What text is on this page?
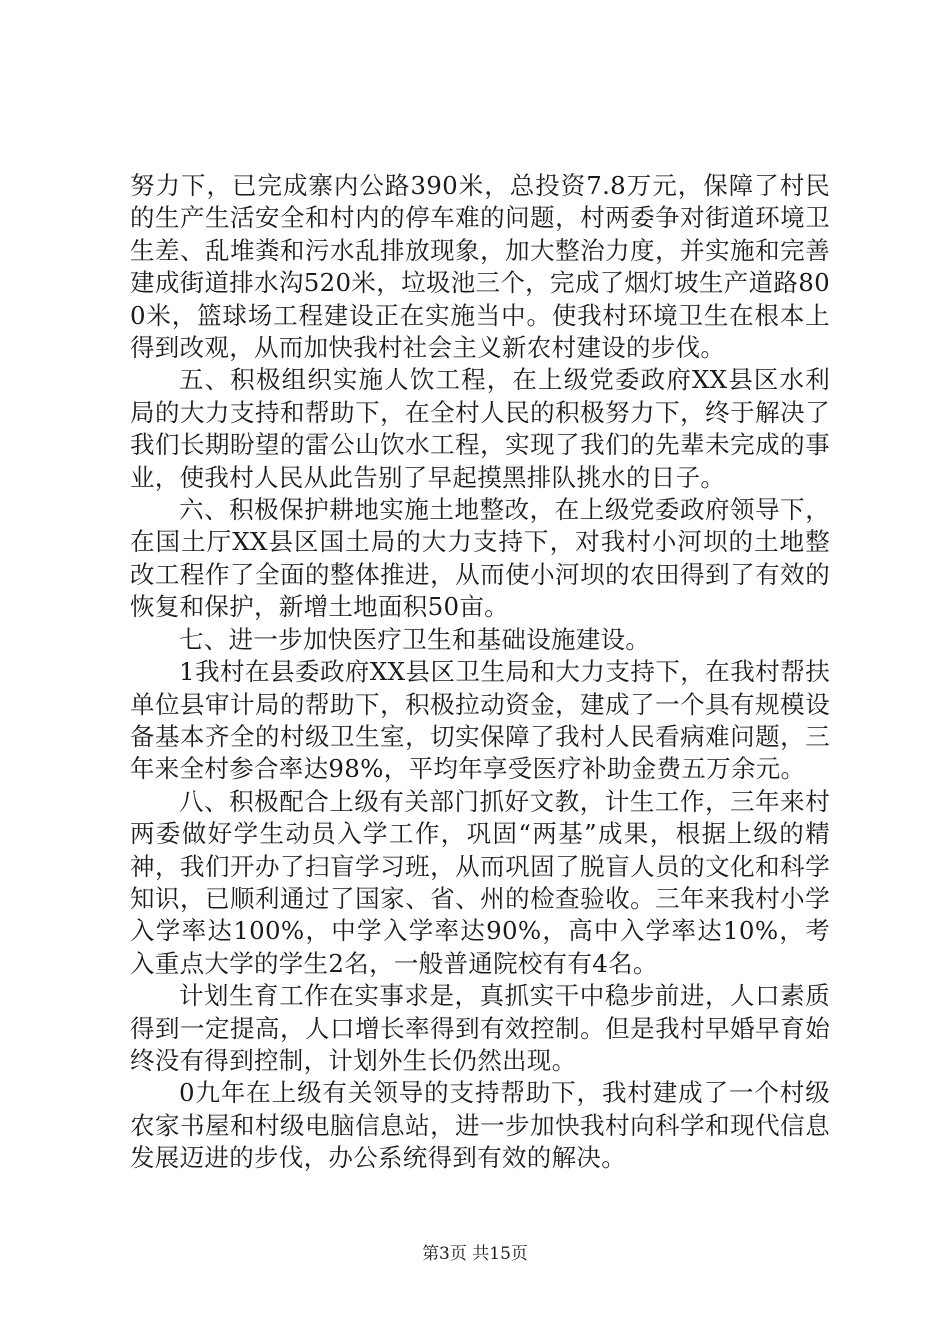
努力下，已完成寨内公路390米，总投资7.8万元，保障了村民的生产生活安全和村内的停车难的问题，村两委争对街道环境卫生差、乱堆粪和污水乱排放现象，加大整治力度，并实施和完善建成街道排水沟520米，垃圾池三个，完成了烟灯坡生产道路800米，篮球场工程建设正在实施当中。使我村环境卫生在根本上得到改观，从而加快我村社会主义新农村建设的步伐。

五、积极组织实施人饮工程，在上级党委政府XX县区水利局的大力支持和帮助下，在全村人民的积极努力下，终于解决了我们长期盼望的雷公山饮水工程，实现了我们的先辈未完成的事业，使我村人民从此告别了早起摸黑排队挑水的日子。

六、积极保护耕地实施土地整改，在上级党委政府领导下，在国土厅XX县区国土局的大力支持下，对我村小河坝的土地整改工程作了全面的整体推进，从而使小河坝的农田得到了有效的恢复和保护，新增土地面积50亩。

七、进一步加快医疗卫生和基础设施建设。

1我村在县委政府XX县区卫生局和大力支持下，在我村帮扶单位县审计局的帮助下，积极拉动资金，建成了一个具有规模设备基本齐全的村级卫生室，切实保障了我村人民看病难问题，三年来全村参合率达98%，平均年享受医疗补助金费五万余元。

八、积极配合上级有关部门抓好文教，计生工作，三年来村两委做好学生动员入学工作，巩固“两基”成果，根据上级的精神，我们开办了扫盲学习班，从而巩固了脱盲人员的文化和科学知识，已顺利通过了国家、省、州的检查验收。三年来我村小学入学率达100%，中学入学率达90%，高中入学率达10%，考入重点大学的学生2名，一般普通院校有有4名。

计划生育工作在实事求是，真抓实干中稳步前进，人口素质得到一定提高，人口增长率得到有效控制。但是我村早婚早育始终没有得到控制，计划外生长仍然出现。

0九年在上级有关领导的支持帮助下，我村建成了一个村级农家书屋和村级电脑信息站，进一步加快我村向科学和现代信息发展迈进的步伐，办公系统得到有效的解决。

第3页 共15页
